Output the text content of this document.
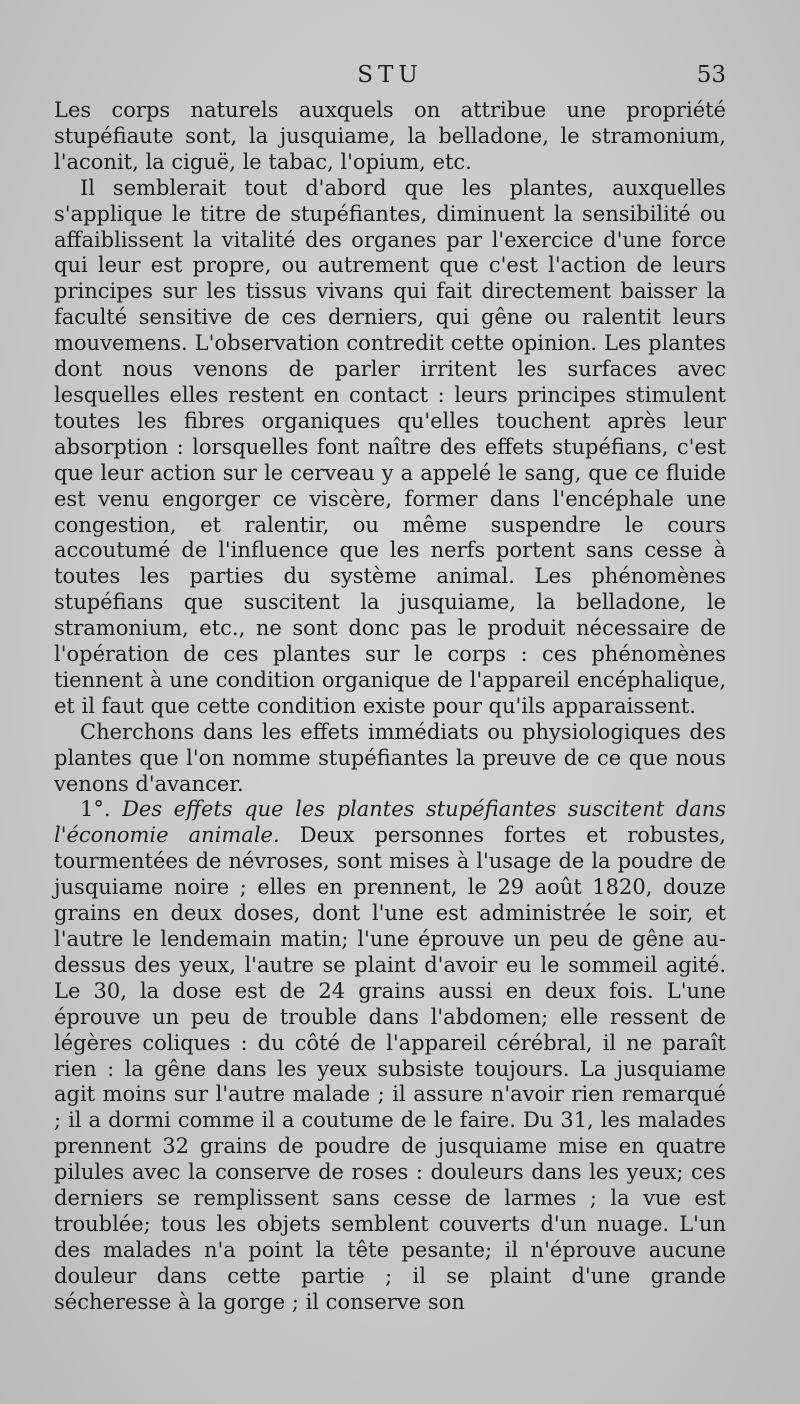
STU	53

Les corps naturels auxquels on attribue une propriété stupéfiaute sont, la jusquiame, la belladone, le stramonium, l'aconit, la ciguë, le tabac, l'opium, etc.

Il semblerait tout d'abord que les plantes, auxquelles s'applique le titre de stupéfiantes, diminuent la sensibilité ou affaiblissent la vitalité des organes par l'exercice d'une force qui leur est propre, ou autrement que c'est l'action de leurs principes sur les tissus vivans qui fait directement baisser la faculté sensitive de ces derniers, qui gêne ou ralentit leurs mouvemens. L'observation contredit cette opinion. Les plantes dont nous venons de parler irritent les surfaces avec lesquelles elles restent en contact : leurs principes stimulent toutes les fibres organiques qu'elles touchent après leur absorption : lorsquelles font naître des effets stupéfians, c'est que leur action sur le cerveau y a appelé le sang, que ce fluide est venu engorger ce viscère, former dans l'encéphale une congestion, et ralentir, ou même suspendre le cours accoutumé de l'influence que les nerfs portent sans cesse à toutes les parties du système animal. Les phénomènes stupéfians que suscitent la jusquiame, la belladone, le stramonium, etc., ne sont donc pas le produit nécessaire de l'opération de ces plantes sur le corps : ces phénomènes tiennent à une condition organique de l'appareil encéphalique, et il faut que cette condition existe pour qu'ils apparaissent.

Cherchons dans les effets immédiats ou physiologiques des plantes que l'on nomme stupéfiantes la preuve de ce que nous venons d'avancer.

1°. Des effets que les plantes stupéfiantes suscitent dans l'économie animale. Deux personnes fortes et robustes, tourmentées de névroses, sont mises à l'usage de la poudre de jusquiame noire ; elles en prennent, le 29 août 1820, douze grains en deux doses, dont l'une est administrée le soir, et l'autre le lendemain matin; l'une éprouve un peu de gêne au-dessus des yeux, l'autre se plaint d'avoir eu le sommeil agité. Le 30, la dose est de 24 grains aussi en deux fois. L'une éprouve un peu de trouble dans l'abdomen; elle ressent de légères coliques : du côté de l'appareil cérébral, il ne paraît rien : la gêne dans les yeux subsiste toujours. La jusquiame agit moins sur l'autre malade ; il assure n'avoir rien remarqué ; il a dormi comme il a coutume de le faire. Du 31, les malades prennent 32 grains de poudre de jusquiame mise en quatre pilules avec la conserve de roses : douleurs dans les yeux; ces derniers se remplissent sans cesse de larmes ; la vue est troublée; tous les objets semblent couverts d'un nuage. L'un des malades n'a point la tête pesante; il n'éprouve aucune douleur dans cette partie ; il se plaint d'une grande sécheresse à la gorge ; il conserve son
